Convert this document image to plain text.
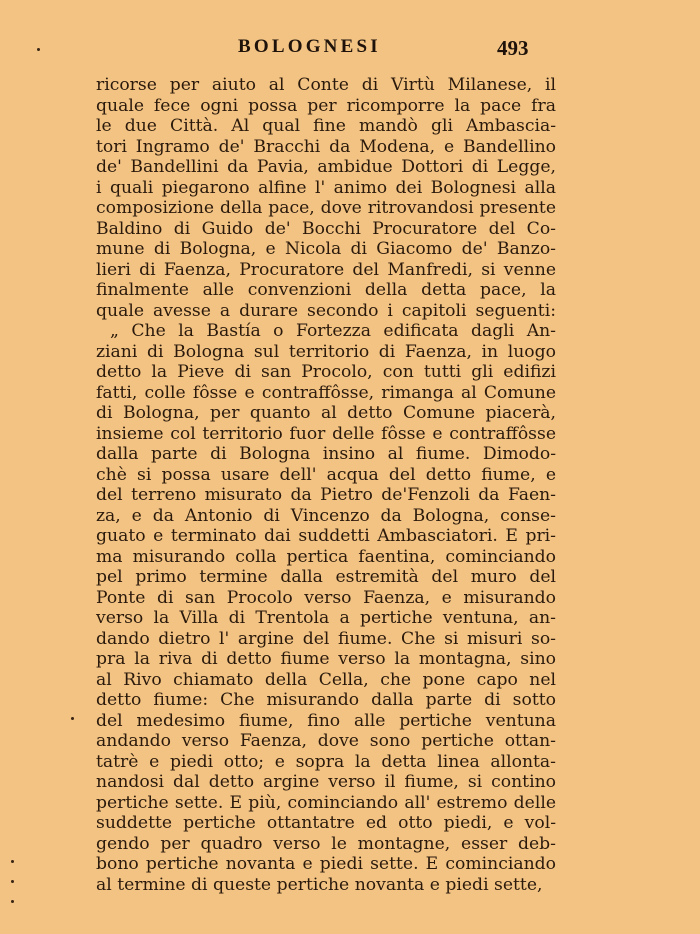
BOLOGNESI	493
ricorse per aiuto al Conte di Virtù Milanese, il
quale fece ogni possa per ricomporre la pace fra
le due Città. Al qual fine mandò gli Ambascia-
tori Ingramo de' Bracchi da Modena, e Bandellino
de' Bandellini da Pavia, ambidue Dottori di Legge,
i quali piegarono alfine l' animo dei Bolognesi alla
composizione della pace, dove ritrovandosi presente
Baldino di Guido de' Bocchi Procuratore del Co-
mune di Bologna, e Nicola di Giacomo de' Banzo-
lieri di Faenza, Procuratore del Manfredi, si venne
finalmente alle convenzioni della detta pace, la
quale avesse a durare secondo i capitoli seguenti:
„ Che la Bastía o Fortezza edificata dagli An-
ziani di Bologna sul territorio di Faenza, in luogo
detto la Pieve di san Procolo, con tutti gli edifizi
fatti, colle fôsse e contraffôsse, rimanga al Comune
di Bologna, per quanto al detto Comune piacerà,
insieme col territorio fuor delle fôsse e contraffôsse
dalla parte di Bologna insino al fiume. Dimodo-
chè si possa usare dell' acqua del detto fiume, e
del terreno misurato da Pietro de'Fenzoli da Faen-
za, e da Antonio di Vincenzo da Bologna, conse-
guato e terminato dai suddetti Ambasciatori. E pri-
ma misurando colla pertica faentina, cominciando
pel primo termine dalla estremità del muro del
Ponte di san Procolo verso Faenza, e misurando
verso la Villa di Trentola a pertiche ventuna, an-
dando dietro l' argine del fiume. Che si misuri so-
pra la riva di detto fiume verso la montagna, sino
al Rivo chiamato della Cella, che pone capo nel
detto fiume: Che misurando dalla parte di sotto
del medesimo fiume, fino alle pertiche ventuna
andando verso Faenza, dove sono pertiche ottan-
tatrè e piedi otto; e sopra la detta linea allonta-
nandosi dal detto argine verso il fiume, si contino
pertiche sette. E più, cominciando all' estremo delle
suddette pertiche ottantatre ed otto piedi, e vol-
gendo per quadro verso le montagne, esser deb-
bono pertiche novanta e piedi sette. E cominciando
al termine di queste pertiche novanta e piedi sette,
